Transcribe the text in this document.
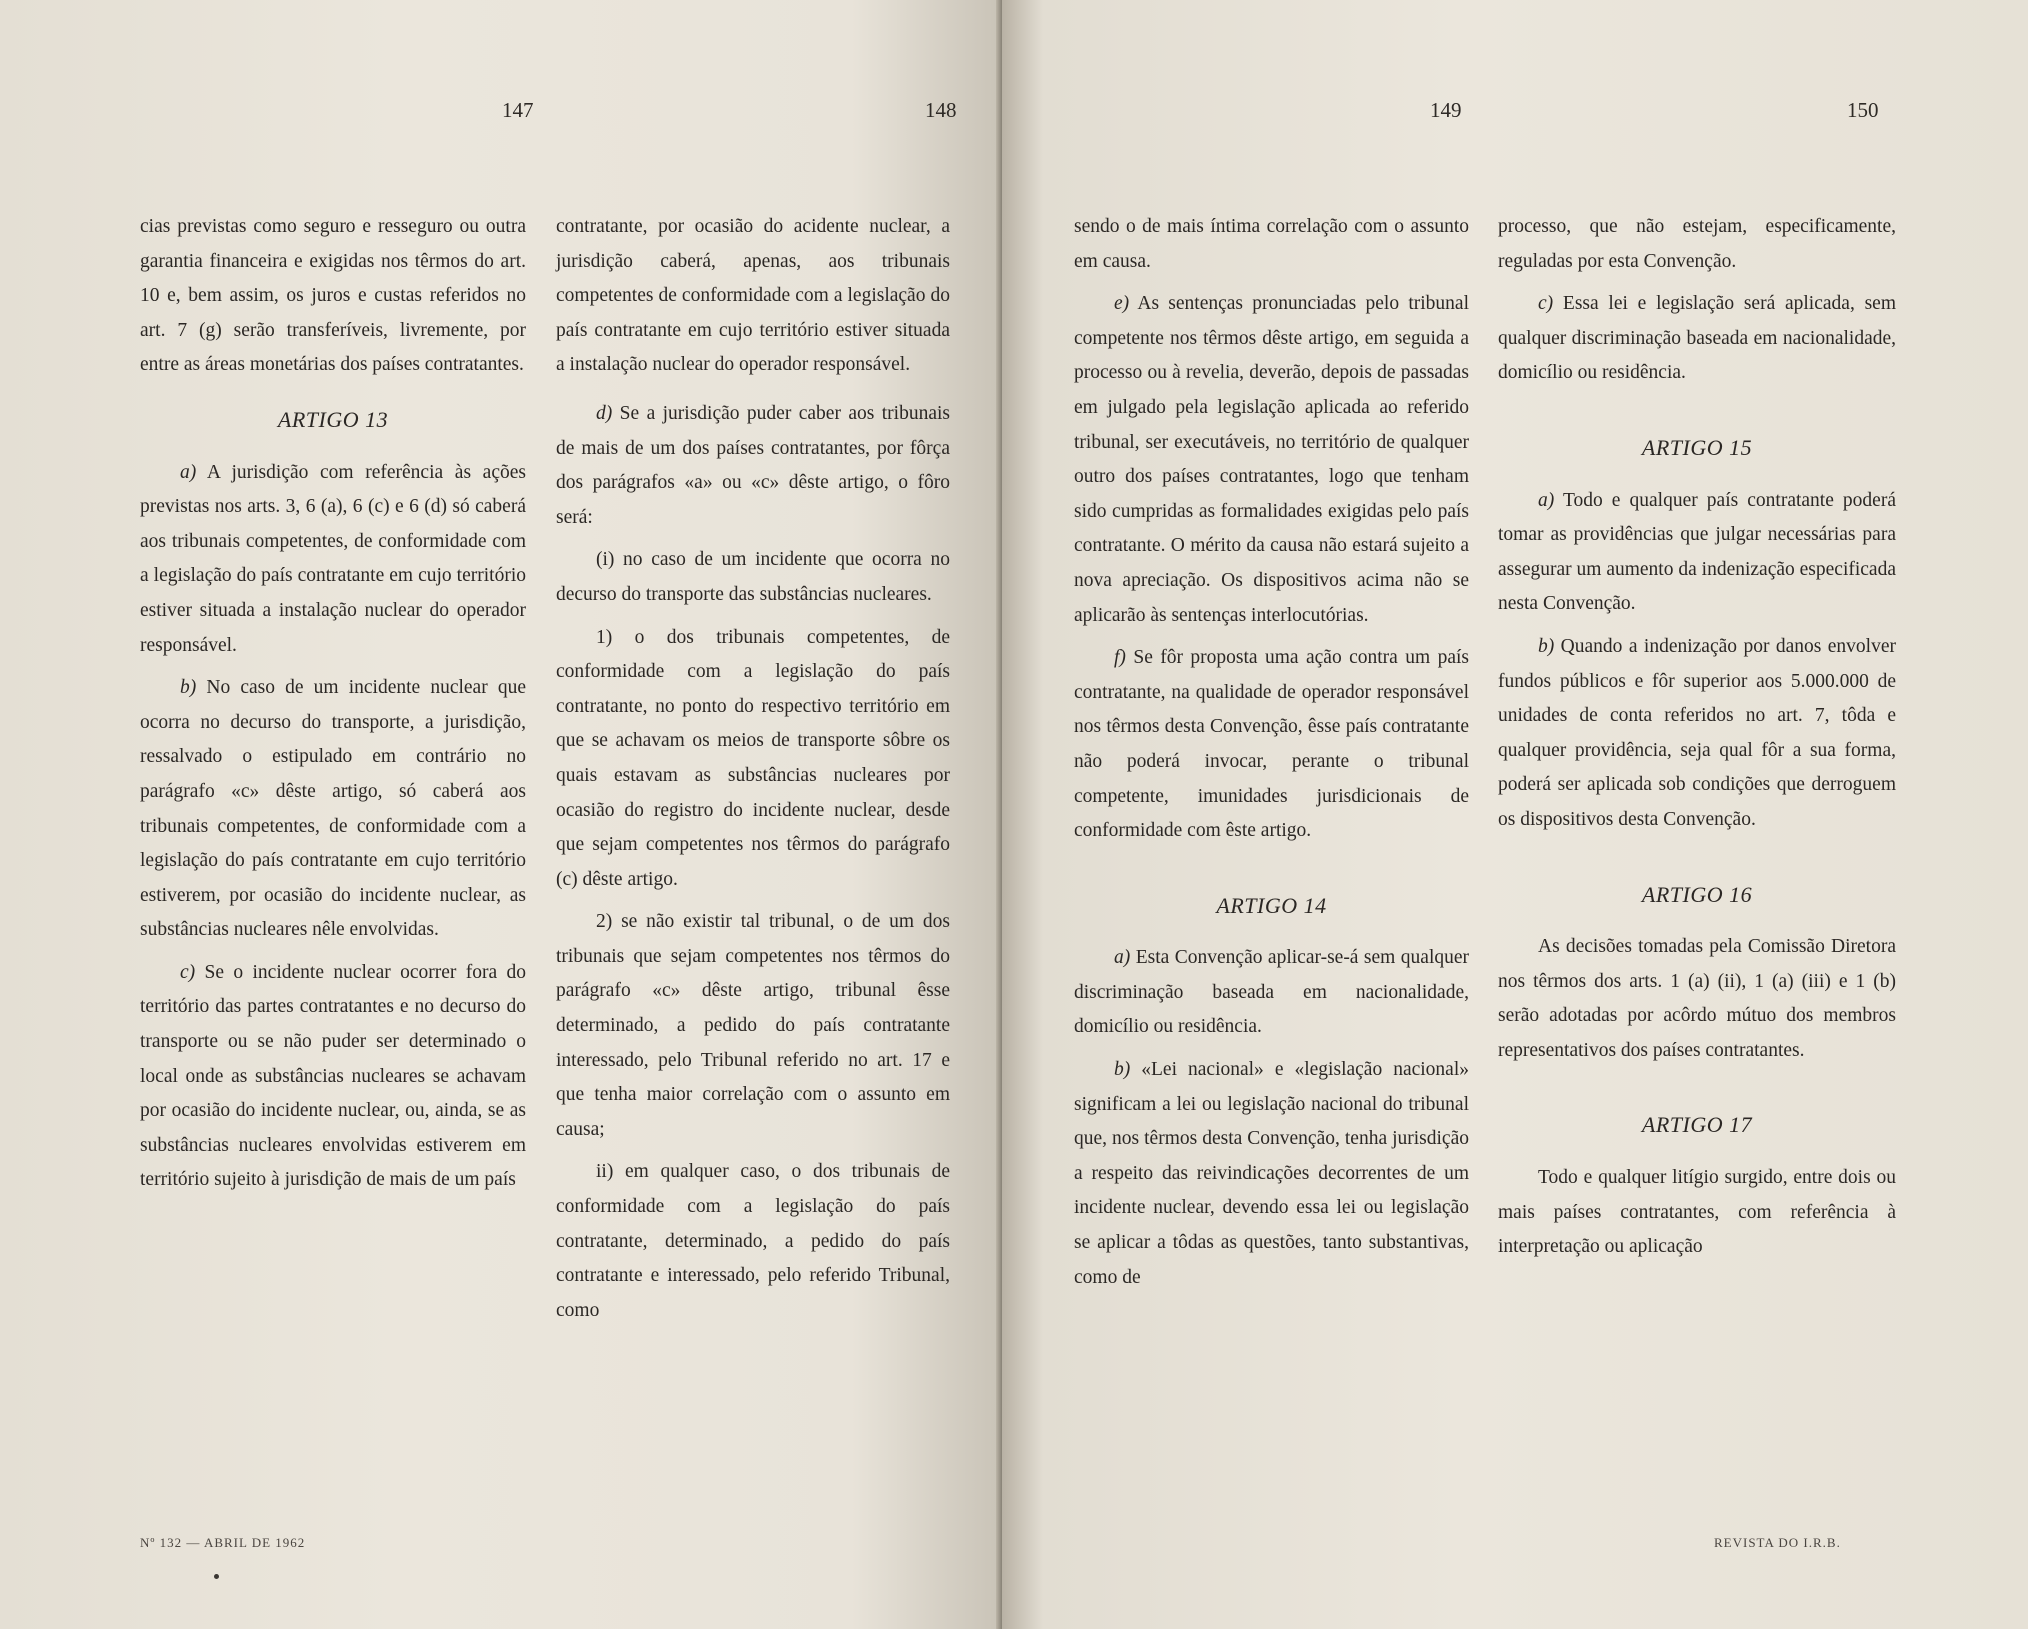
147	148

cias previstas como seguro e resseguro ou outra garantia financeira e exigidas nos têrmos do art. 10 e, bem assim, os juros e custas referidos no art. 7 (g) serão transferíveis, livremente, por entre as áreas monetárias dos países contratantes.

ARTIGO 13

a) A jurisdição com referência às ações previstas nos arts. 3, 6 (a), 6 (c) e 6 (d) só caberá aos tribunais competentes, de conformidade com a legislação do país contratante em cujo território estiver situada a instalação nuclear do operador responsável.

b) No caso de um incidente nuclear que ocorra no decurso do transporte, a jurisdição, ressalvado o estipulado em contrário no parágrafo «c» dêste artigo, só caberá aos tribunais competentes, de conformidade com a legislação do país contratante em cujo território estiverem, por ocasião do incidente nuclear, as substâncias nucleares nêle envolvidas.

c) Se o incidente nuclear ocorrer fora do território das partes contratantes e no decurso do transporte ou se não puder ser determinado o local onde as substâncias nucleares se achavam por ocasião do incidente nuclear, ou, ainda, se as substâncias nucleares envolvidas estiverem em território sujeito à jurisdição de mais de um país

contratante, por ocasião do acidente nuclear, a jurisdição caberá, apenas, aos tribunais competentes de conformidade com a legislação do país contratante em cujo território estiver situada a instalação nuclear do operador responsável.

d) Se a jurisdição puder caber aos tribunais de mais de um dos países contratantes, por fôrça dos parágrafos «a» ou «c» dêste artigo, o fôro será:

(i) no caso de um incidente que ocorra no decurso do transporte das substâncias nucleares.

1) o dos tribunais competentes, de conformidade com a legislação do país contratante, no ponto do respectivo território em que se achavam os meios de transporte sôbre os quais estavam as substâncias nucleares por ocasião do registro do incidente nuclear, desde que sejam competentes nos têrmos do parágrafo (c) dêste artigo.

2) se não existir tal tribunal, o de um dos tribunais que sejam competentes nos têrmos do parágrafo «c» dêste artigo, tribunal êsse determinado, a pedido do país contratante interessado, pelo Tribunal referido no art. 17 e que tenha maior correlação com o assunto em causa;

ii) em qualquer caso, o dos tribunais de conformidade com a legislação do país contratante, determinado, a pedido do país contratante e interessado, pelo referido Tribunal, como

Nº 132 — ABRIL DE 1962
149	150

sendo o de mais íntima correlação com o assunto em causa.

e) As sentenças pronunciadas pelo tribunal competente nos têrmos dêste artigo, em seguida a processo ou à revelia, deverão, depois de passadas em julgado pela legislação aplicada ao referido tribunal, ser executáveis, no território de qualquer outro dos países contratantes, logo que tenham sido cumpridas as formalidades exigidas pelo país contratante. O mérito da causa não estará sujeito a nova apreciação. Os dispositivos acima não se aplicarão às sentenças interlocutórias.

f) Se fôr proposta uma ação contra um país contratante, na qualidade de operador responsável nos têrmos desta Convenção, êsse país contratante não poderá invocar, perante o tribunal competente, imunidades jurisdicionais de conformidade com êste artigo.

ARTIGO 14

a) Esta Convenção aplicar-se-á sem qualquer discriminação baseada em nacionalidade, domicílio ou residência.

b) «Lei nacional» e «legislação nacional» significam a lei ou legislação nacional do tribunal que, nos têrmos desta Convenção, tenha jurisdição a respeito das reivindicações decorrentes de um incidente nuclear, devendo essa lei ou legislação se aplicar a tôdas as questões, tanto substantivas, como de

processo, que não estejam, especificamente, reguladas por esta Convenção.

c) Essa lei e legislação será aplicada, sem qualquer discriminação baseada em nacionalidade, domicílio ou residência.

ARTIGO 15

a) Todo e qualquer país contratante poderá tomar as providências que julgar necessárias para assegurar um aumento da indenização especificada nesta Convenção.

b) Quando a indenização por danos envolver fundos públicos e fôr superior aos 5.000.000 de unidades de conta referidos no art. 7, tôda e qualquer providência, seja qual fôr a sua forma, poderá ser aplicada sob condições que derroguem os dispositivos desta Convenção.

ARTIGO 16

As decisões tomadas pela Comissão Diretora nos têrmos dos arts. 1 (a) (ii), 1 (a) (iii) e 1 (b) serão adotadas por acôrdo mútuo dos membros representativos dos países contratantes.

ARTIGO 17

Todo e qualquer litígio surgido, entre dois ou mais países contratantes, com referência à interpretação ou aplicação

REVISTA DO I.R.B.
